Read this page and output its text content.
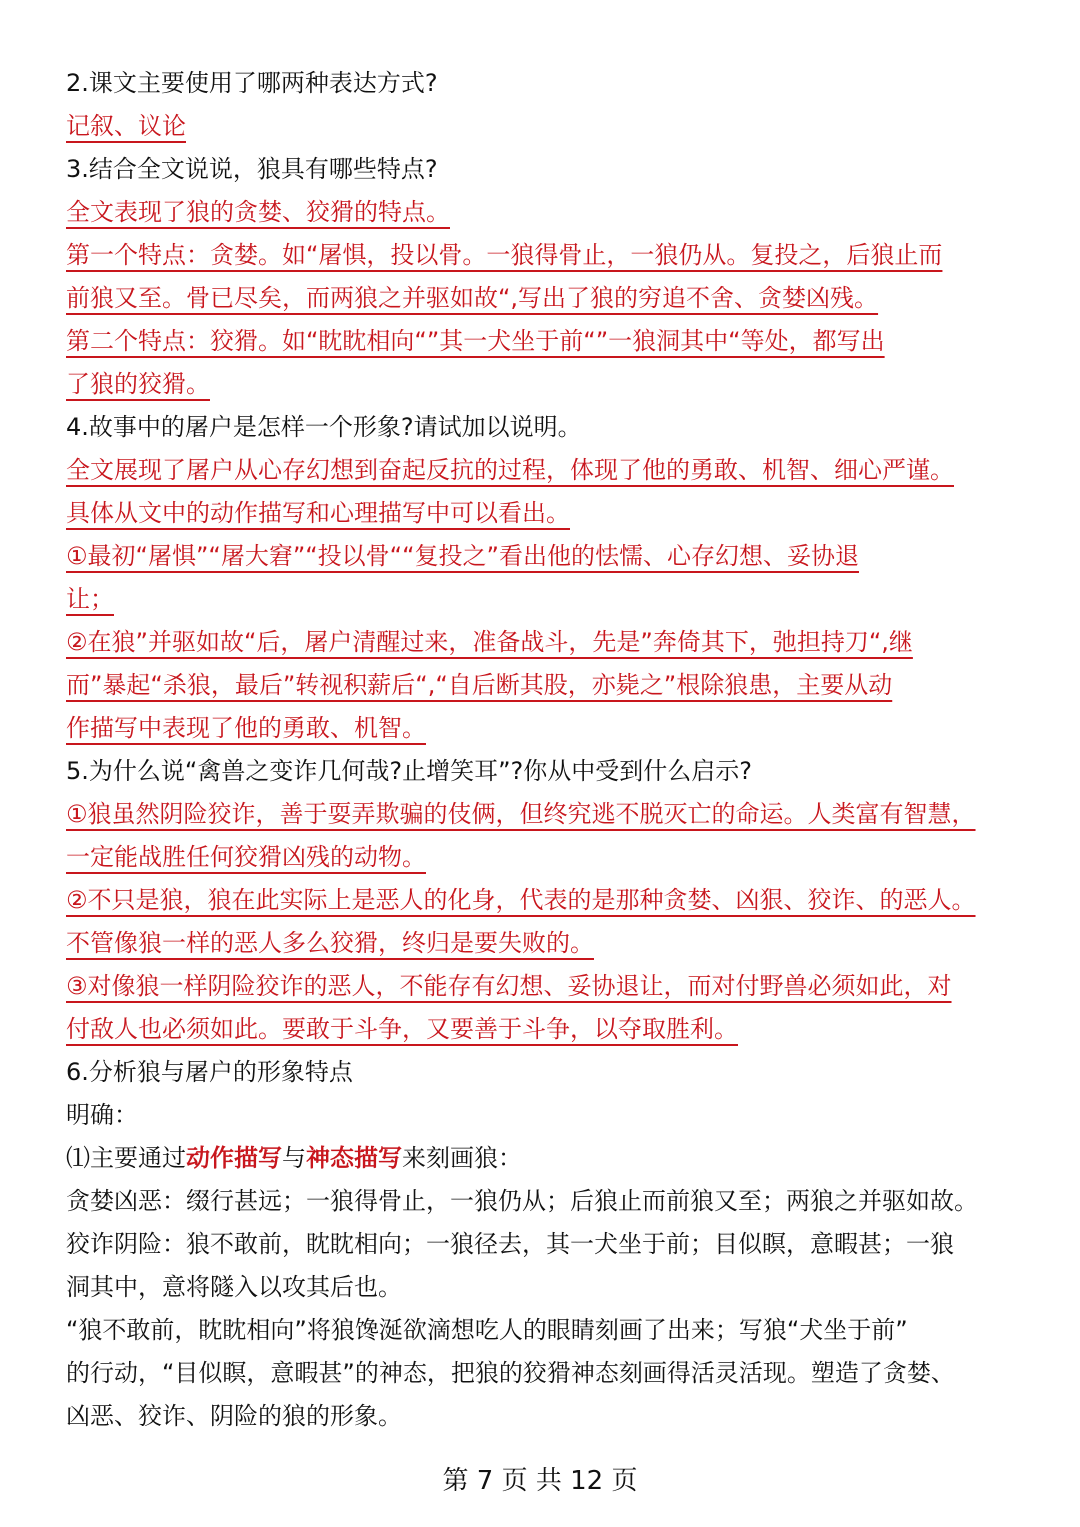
2.课文主要使用了哪两种表达方式?
记叙、议论
3.结合全文说说，狼具有哪些特点?
全文表现了狼的贪婪、狡猾的特点。
第一个特点：贪婪。如“屠惧，投以骨。一狼得骨止，一狼仍从。复投之，后狼止而
前狼又至。骨已尽矣，而两狼之并驱如故“,写出了狼的穷追不舍、贪婪凶残。
第二个特点：狡猾。如“眈眈相向“”其一犬坐于前“”一狼洞其中“等处，都写出
了狼的狡猾。
4.故事中的屠户是怎样一个形象?请试加以说明。
全文展现了屠户从心存幻想到奋起反抗的过程，体现了他的勇敢、机智、细心严谨。
具体从文中的动作描写和心理描写中可以看出。
①最初“屠惧”“屠大窘”“投以骨““复投之”看出他的怯懦、心存幻想、妥协退
让；
②在狼”并驱如故“后，屠户清醒过来，准备战斗，先是”奔倚其下，弛担持刀“,继
而”暴起“杀狼，最后”转视积薪后“,“自后断其股，亦毙之”根除狼患，主要从动
作描写中表现了他的勇敢、机智。
5.为什么说“禽兽之变诈几何哉?止增笑耳”?你从中受到什么启示?
①狼虽然阴险狡诈，善于耍弄欺骗的伎俩，但终究逃不脱灭亡的命运。人类富有智慧，
一定能战胜任何狡猾凶残的动物。
②不只是狼，狼在此实际上是恶人的化身，代表的是那种贪婪、凶狠、狡诈、的恶人。
不管像狼一样的恶人多么狡猾，终归是要失败的。
③对像狼一样阴险狡诈的恶人，不能存有幻想、妥协退让，而对付野兽必须如此，对
付敌人也必须如此。要敢于斗争，又要善于斗争，以夺取胜利。
6.分析狼与屠户的形象特点
明确：
⑴主要通过动作描写与神态描写来刻画狼：
贪婪凶恶：缀行甚远；一狼得骨止，一狼仍从；后狼止而前狼又至；两狼之并驱如故。
狡诈阴险：狼不敢前，眈眈相向；一狼径去，其一犬坐于前；目似瞑，意暇甚；一狼
洞其中，意将隧入以攻其后也。
“狼不敢前，眈眈相向”将狼馋涎欲滴想吃人的眼睛刻画了出来；写狼“犬坐于前”
的行动，“目似瞑，意暇甚”的神态，把狼的狡猾神态刻画得活灵活现。塑造了贪婪、
凶恶、狡诈、阴险的狼的形象。
第 7 页 共 12 页
